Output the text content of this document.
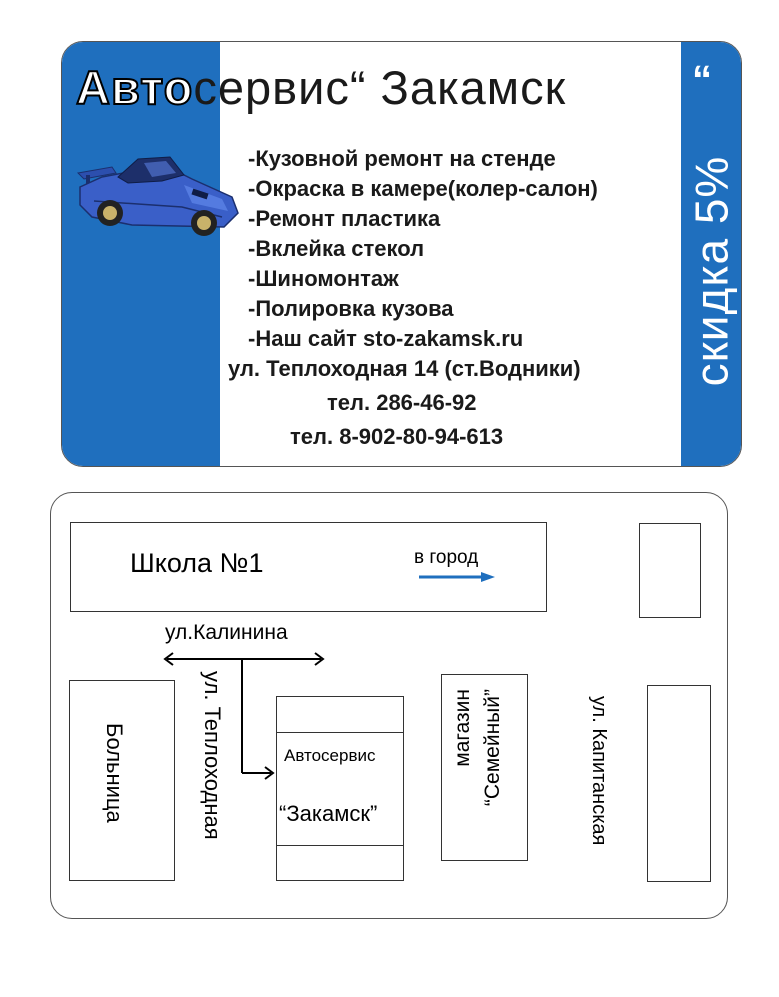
Автосервис“ Закамск	“
скидка 5%
-Кузовной ремонт на стенде
-Окраска в камере(колер-салон)
-Ремонт пластика
-Вклейка стекол
-Шиномонтаж
-Полировка кузова
-Наш сайт sto-zakamsk.ru
ул. Теплоходная 14 (ст.Водники)
тел. 286-46-92
тел. 8-902-80-94-613
Школа №1	в город
ул.Калинина
Больница	ул. Теплоходная	Автосервис
“Закамск”
магазин “Семейный”	ул. Капитанская
